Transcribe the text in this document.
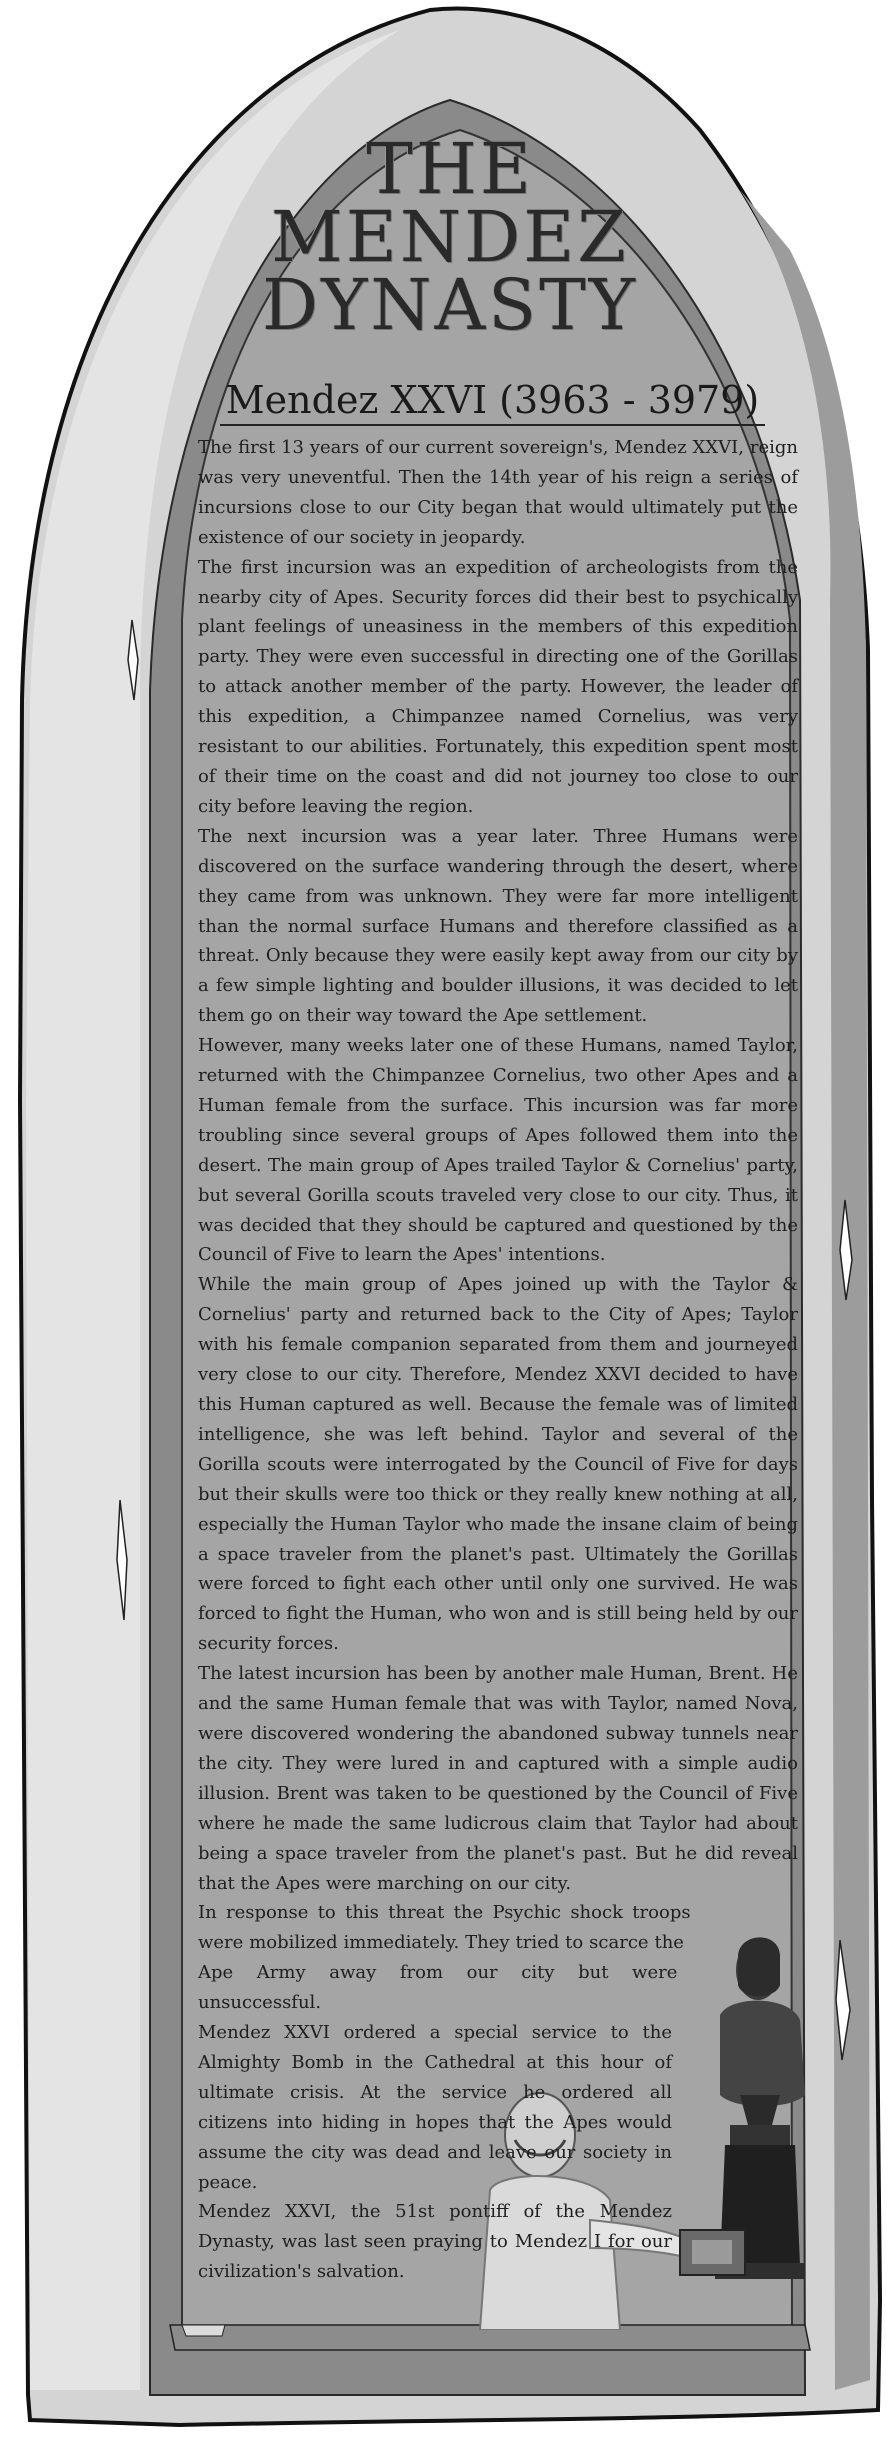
THE
MENDEZ
DYNASTY
Mendez XXVI (3963 - 3979)

The first 13 years of our current sovereign's, Mendez XXVI, reign was very uneventful. Then the 14th year of his reign a series of incursions close to our City began that would ultimately put the existence of our society in jeopardy.

The first incursion was an expedition of archeologists from the nearby city of Apes. Security forces did their best to psychically plant feelings of uneasiness in the members of this expedition party. They were even successful in directing one of the Gorillas to attack another member of the party. However, the leader of this expedition, a Chimpanzee named Cornelius, was very resistant to our abilities. Fortunately, this expedition spent most of their time on the coast and did not journey too close to our city before leaving the region.

The next incursion was a year later. Three Humans were discovered on the surface wandering through the desert, where they came from was unknown. They were far more intelligent than the normal surface Humans and therefore classified as a threat. Only because they were easily kept away from our city by a few simple lighting and boulder illusions, it was decided to let them go on their way toward the Ape settlement.

However, many weeks later one of these Humans, named Taylor, returned with the Chimpanzee Cornelius, two other Apes and a Human female from the surface. This incursion was far more troubling since several groups of Apes followed them into the desert. The main group of Apes trailed Taylor & Cornelius' party, but several Gorilla scouts traveled very close to our city. Thus, it was decided that they should be captured and questioned by the Council of Five to learn the Apes' intentions.

While the main group of Apes joined up with the Taylor & Cornelius' party and returned back to the City of Apes; Taylor with his female companion separated from them and journeyed very close to our city. Therefore, Mendez XXVI decided to have this Human captured as well. Because the female was of limited intelligence, she was left behind. Taylor and several of the Gorilla scouts were interrogated by the Council of Five for days but their skulls were too thick or they really knew nothing at all, especially the Human Taylor who made the insane claim of being a space traveler from the planet's past. Ultimately the Gorillas were forced to fight each other until only one survived. He was forced to fight the Human, who won and is still being held by our security forces.

The latest incursion has been by another male Human, Brent. He and the same Human female that was with Taylor, named Nova, were discovered wondering the abandoned subway tunnels near the city. They were lured in and captured with a simple audio illusion. Brent was taken to be questioned by the Council of Five where he made the same ludicrous claim that Taylor had about being a space traveler from the planet's past. But he did reveal that the Apes were marching on our city.

In response to this threat the Psychic shock troops were mobilized immediately. They tried to scarce the Ape Army away from our city but were unsuccessful.

Mendez XXVI ordered a special service to the Almighty Bomb in the Cathedral at this hour of ultimate crisis. At the service he ordered all citizens into hiding in hopes that the Apes would assume the city was dead and leave our society in peace.

Mendez XXVI, the 51st pontiff of the Mendez Dynasty, was last seen praying to Mendez I for our civilization's salvation.
